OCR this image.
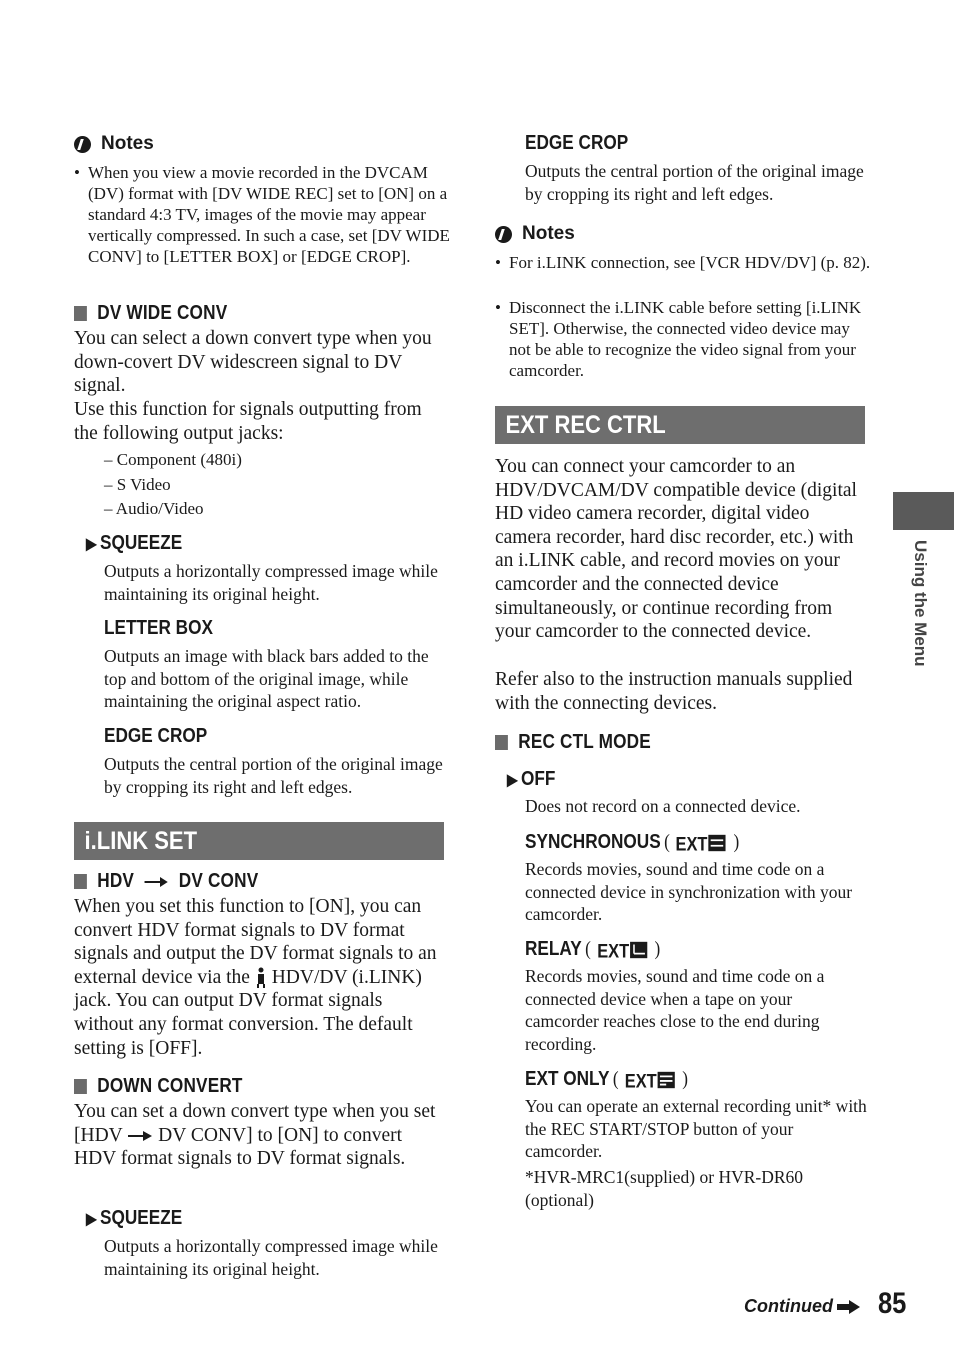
Notes
• When you view a movie recorded in the DVCAM (DV) format with [DV WIDE REC] set to [ON] on a standard 4:3 TV, images of the movie may appear vertically compressed. In such a case, set [DV WIDE CONV] to [LETTER BOX] or [EDGE CROP].
DV WIDE CONV
You can select a down convert type when you down-covert DV widescreen signal to DV signal.
Use this function for signals outputting from the following output jacks:
– Component (480i)
– S Video
– Audio/Video
▶ SQUEEZE
Outputs a horizontally compressed image while maintaining its original height.
LETTER BOX
Outputs an image with black bars added to the top and bottom of the original image, while maintaining the original aspect ratio.
EDGE CROP
Outputs the central portion of the original image by cropping its right and left edges.
i.LINK SET
HDV DV CONV
When you set this function to [ON], you can convert HDV format signals to DV format signals and output the DV format signals to an external device via the HDV/DV (i.LINK) jack. You can output DV format signals without any format conversion. The default setting is [OFF].
DOWN CONVERT
You can set a down convert type when you set [HDV DV CONV] to [ON] to convert HDV format signals to DV format signals.
▶ SQUEEZE
Outputs a horizontally compressed image while maintaining its original height.
EDGE CROP
Outputs the central portion of the original image by cropping its right and left edges.
Notes
• For i.LINK connection, see [VCR HDV/DV] (p. 82).
• Disconnect the i.LINK cable before setting [i.LINK SET]. Otherwise, the connected video device may not be able to recognize the video signal from your camcorder.
EXT REC CTRL
You can connect your camcorder to an HDV/DVCAM/DV compatible device (digital HD video camera recorder, digital video camera recorder, hard disc recorder, etc.) with an i.LINK cable, and record movies on your camcorder and the connected device simultaneously, or continue recording from your camcorder to the connected device.
Refer also to the instruction manuals supplied with the connecting devices.
REC CTL MODE
▶ OFF
Does not record on a connected device.
SYNCHRONOUS ( EXT )
Records movies, sound and time code on a connected device in synchronization with your camcorder.
RELAY ( EXT )
Records movies, sound and time code on a connected device when a tape on your camcorder reaches close to the end during recording.
EXT ONLY ( EXT )
You can operate an external recording unit* with the REC START/STOP button of your camcorder.
*HVR-MRC1(supplied) or HVR-DR60 (optional)
Using the Menu
Continued 85
